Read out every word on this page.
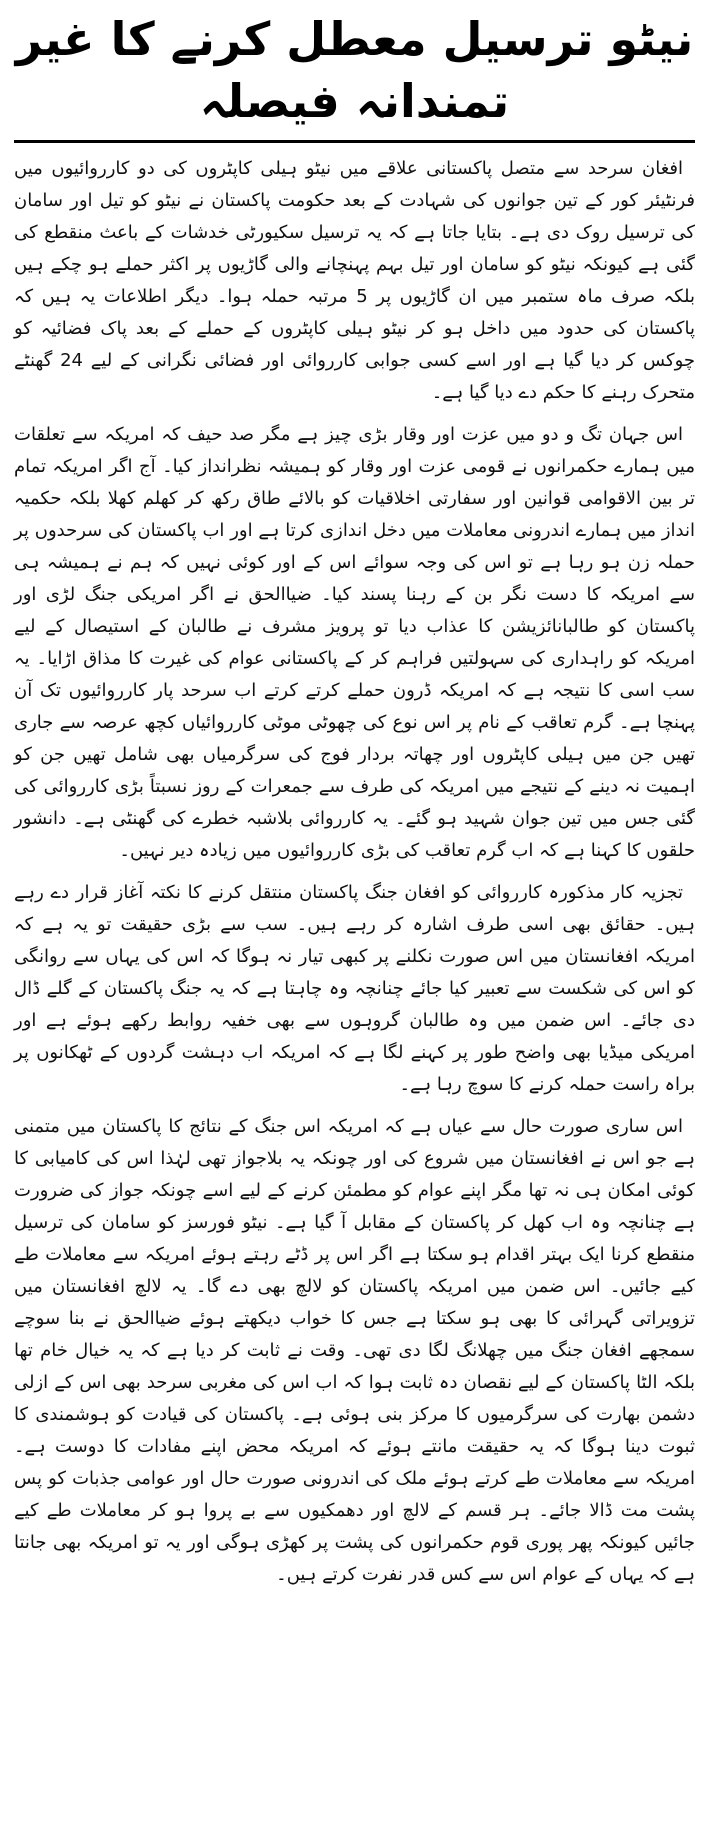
نیٹو ترسیل معطل کرنے کا غیر تمندانہ فیصلہ

افغان سرحد سے متصل پاکستانی علاقے میں نیٹو ہیلی کاپٹروں کی دو کارروائیوں میں فرنٹیئر کور کے تین جوانوں کی شہادت کے بعد حکومت پاکستان نے نیٹو کو تیل اور سامان کی ترسیل روک دی ہے۔ بتایا جاتا ہے کہ یہ ترسیل سکیورٹی خدشات کے باعث منقطع کی گئی ہے کیونکہ نیٹو کو سامان اور تیل بہم پہنچانے والی گاڑیوں پر اکثر حملے ہو چکے ہیں بلکہ صرف ماہ ستمبر میں ان گاڑیوں پر 5 مرتبہ حملہ ہوا۔ دیگر اطلاعات یہ ہیں کہ پاکستان کی حدود میں داخل ہو کر نیٹو ہیلی کاپٹروں کے حملے کے بعد پاک فضائیہ کو چوکس کر دیا گیا ہے اور اسے کسی جوابی کارروائی اور فضائی نگرانی کے لیے 24 گھنٹے متحرک رہنے کا حکم دے دیا گیا ہے۔

اس جہان تگ و دو میں عزت اور وقار بڑی چیز ہے مگر صد حیف کہ امریکہ سے تعلقات میں ہمارے حکمرانوں نے قومی عزت اور وقار کو ہمیشہ نظرانداز کیا۔ آج اگر امریکہ تمام تر بین الاقوامی قوانین اور سفارتی اخلاقیات کو بالائے طاق رکھ کر کھلم کھلا بلکہ حکمیہ انداز میں ہمارے اندرونی معاملات میں دخل اندازی کرتا ہے اور اب پاکستان کی سرحدوں پر حملہ زن ہو رہا ہے تو اس کی وجہ سوائے اس کے اور کوئی نہیں کہ ہم نے ہمیشہ ہی سے امریکہ کا دست نگر بن کے رہنا پسند کیا۔ ضیاالحق نے اگر امریکی جنگ لڑی اور پاکستان کو طالبانائزیشن کا عذاب دیا تو پرویز مشرف نے طالبان کے استیصال کے لیے امریکہ کو راہداری کی سہولتیں فراہم کر کے پاکستانی عوام کی غیرت کا مذاق اڑایا۔ یہ سب اسی کا نتیجہ ہے کہ امریکہ ڈرون حملے کرتے کرتے اب سرحد پار کارروائیوں تک آن پہنچا ہے۔ گرم تعاقب کے نام پر اس نوع کی چھوٹی موٹی کارروائیاں کچھ عرصہ سے جاری تھیں جن میں ہیلی کاپٹروں اور چھاتہ بردار فوج کی سرگرمیاں بھی شامل تھیں جن کو اہمیت نہ دینے کے نتیجے میں امریکہ کی طرف سے جمعرات کے روز نسبتاً بڑی کارروائی کی گئی جس میں تین جوان شہید ہو گئے۔ یہ کارروائی بلاشبہ خطرے کی گھنٹی ہے۔ دانشور حلقوں کا کہنا ہے کہ اب گرم تعاقب کی بڑی کارروائیوں میں زیادہ دیر نہیں۔

تجزیہ کار مذکورہ کارروائی کو افغان جنگ پاکستان منتقل کرنے کا نکتہ آغاز قرار دے رہے ہیں۔ حقائق بھی اسی طرف اشارہ کر رہے ہیں۔ سب سے بڑی حقیقت تو یہ ہے کہ امریکہ افغانستان میں اس صورت نکلنے پر کبھی تیار نہ ہوگا کہ اس کی یہاں سے روانگی کو اس کی شکست سے تعبیر کیا جائے چنانچہ وہ چاہتا ہے کہ یہ جنگ پاکستان کے گلے ڈال دی جائے۔ اس ضمن میں وہ طالبان گروہوں سے بھی خفیہ روابط رکھے ہوئے ہے اور امریکی میڈیا بھی واضح طور پر کہنے لگا ہے کہ امریکہ اب دہشت گردوں کے ٹھکانوں پر براہ راست حملہ کرنے کا سوچ رہا ہے۔

اس ساری صورت حال سے عیاں ہے کہ امریکہ اس جنگ کے نتائج کا پاکستان میں متمنی ہے جو اس نے افغانستان میں شروع کی اور چونکہ یہ بلاجواز تھی لہٰذا اس کی کامیابی کا کوئی امکان ہی نہ تھا مگر اپنے عوام کو مطمئن کرنے کے لیے اسے چونکہ جواز کی ضرورت ہے چنانچہ وہ اب کھل کر پاکستان کے مقابل آ گیا ہے۔ نیٹو فورسز کو سامان کی ترسیل منقطع کرنا ایک بہتر اقدام ہو سکتا ہے اگر اس پر ڈٹے رہتے ہوئے امریکہ سے معاملات طے کیے جائیں۔ اس ضمن میں امریکہ پاکستان کو لالچ بھی دے گا۔ یہ لالچ افغانستان میں تزویراتی گہرائی کا بھی ہو سکتا ہے جس کا خواب دیکھتے ہوئے ضیاالحق نے بنا سوچے سمجھے افغان جنگ میں چھلانگ لگا دی تھی۔ وقت نے ثابت کر دیا ہے کہ یہ خیال خام تھا بلکہ الٹا پاکستان کے لیے نقصان دہ ثابت ہوا کہ اب اس کی مغربی سرحد بھی اس کے ازلی دشمن بھارت کی سرگرمیوں کا مرکز بنی ہوئی ہے۔ پاکستان کی قیادت کو ہوشمندی کا ثبوت دینا ہوگا کہ یہ حقیقت مانتے ہوئے کہ امریکہ محض اپنے مفادات کا دوست ہے۔ امریکہ سے معاملات طے کرتے ہوئے ملک کی اندرونی صورت حال اور عوامی جذبات کو پس پشت مت ڈالا جائے۔ ہر قسم کے لالچ اور دھمکیوں سے بے پروا ہو کر معاملات طے کیے جائیں کیونکہ پھر پوری قوم حکمرانوں کی پشت پر کھڑی ہوگی اور یہ تو امریکہ بھی جانتا ہے کہ یہاں کے عوام اس سے کس قدر نفرت کرتے ہیں۔
